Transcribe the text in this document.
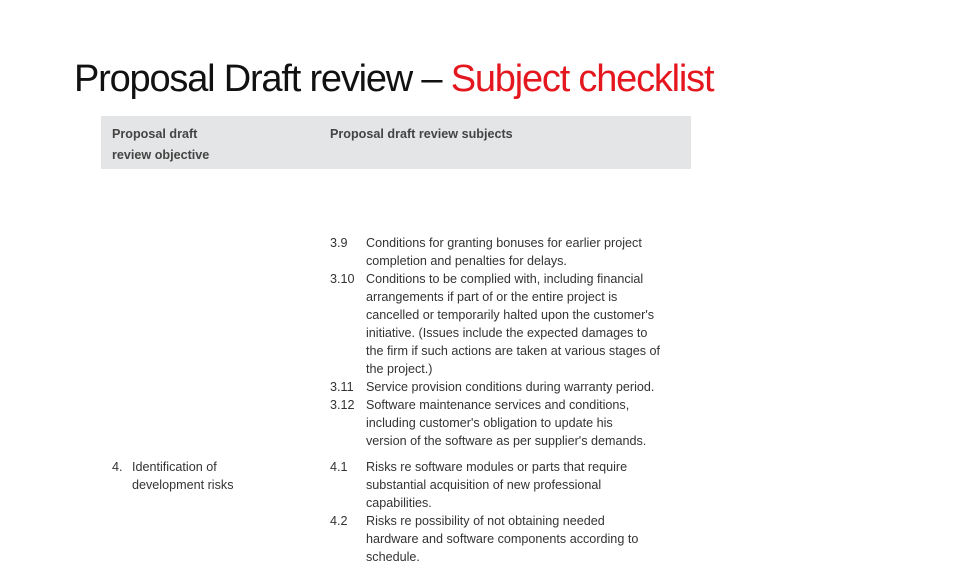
Proposal Draft review – Subject checklist
Proposal draft
review objective
Proposal draft review subjects
3.9 Conditions for granting bonuses for earlier project
completion and penalties for delays.
3.10 Conditions to be complied with, including financial
arrangements if part of or the entire project is
cancelled or temporarily halted upon the customer's
initiative. (Issues include the expected damages to
the firm if such actions are taken at various stages of
the project.)
3.11 Service provision conditions during warranty period.
3.12 Software maintenance services and conditions,
including customer's obligation to update his
version of the software as per supplier's demands.
4. Identification of
development risks
4.1 Risks re software modules or parts that require
substantial acquisition of new professional
capabilities.
4.2 Risks re possibility of not obtaining needed
hardware and software components according to
schedule.
